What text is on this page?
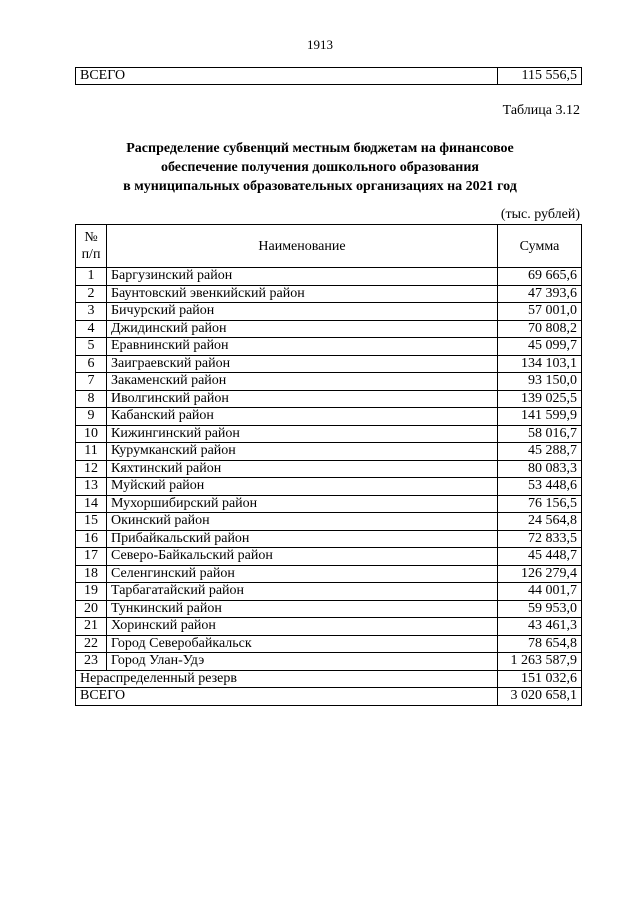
1913
ВСЕГО	115 556,5
Таблица 3.12
Распределение субвенций местным бюджетам на финансовое
обеспечение получения дошкольного образования
в муниципальных образовательных организациях на 2021 год
(тыс. рублей)
№
п/п	Наименование	Сумма
1	Баргузинский район	69 665,6
2	Баунтовский эвенкийский район	47 393,6
3	Бичурский район	57 001,0
4	Джидинский район	70 808,2
5	Еравнинский район	45 099,7
6	Заиграевский район	134 103,1
7	Закаменский район	93 150,0
8	Иволгинский район	139 025,5
9	Кабанский район	141 599,9
10	Кижингинский район	58 016,7
11	Курумканский район	45 288,7
12	Кяхтинский район	80 083,3
13	Муйский район	53 448,6
14	Мухоршибирский район	76 156,5
15	Окинский район	24 564,8
16	Прибайкальский район	72 833,5
17	Северо-Байкальский район	45 448,7
18	Селенгинский район	126 279,4
19	Тарбагатайский район	44 001,7
20	Тункинский район	59 953,0
21	Хоринский район	43 461,3
22	Город Северобайкальск	78 654,8
23	Город Улан-Удэ	1 263 587,9
Нераспределенный резерв		151 032,6
ВСЕГО		3 020 658,1
